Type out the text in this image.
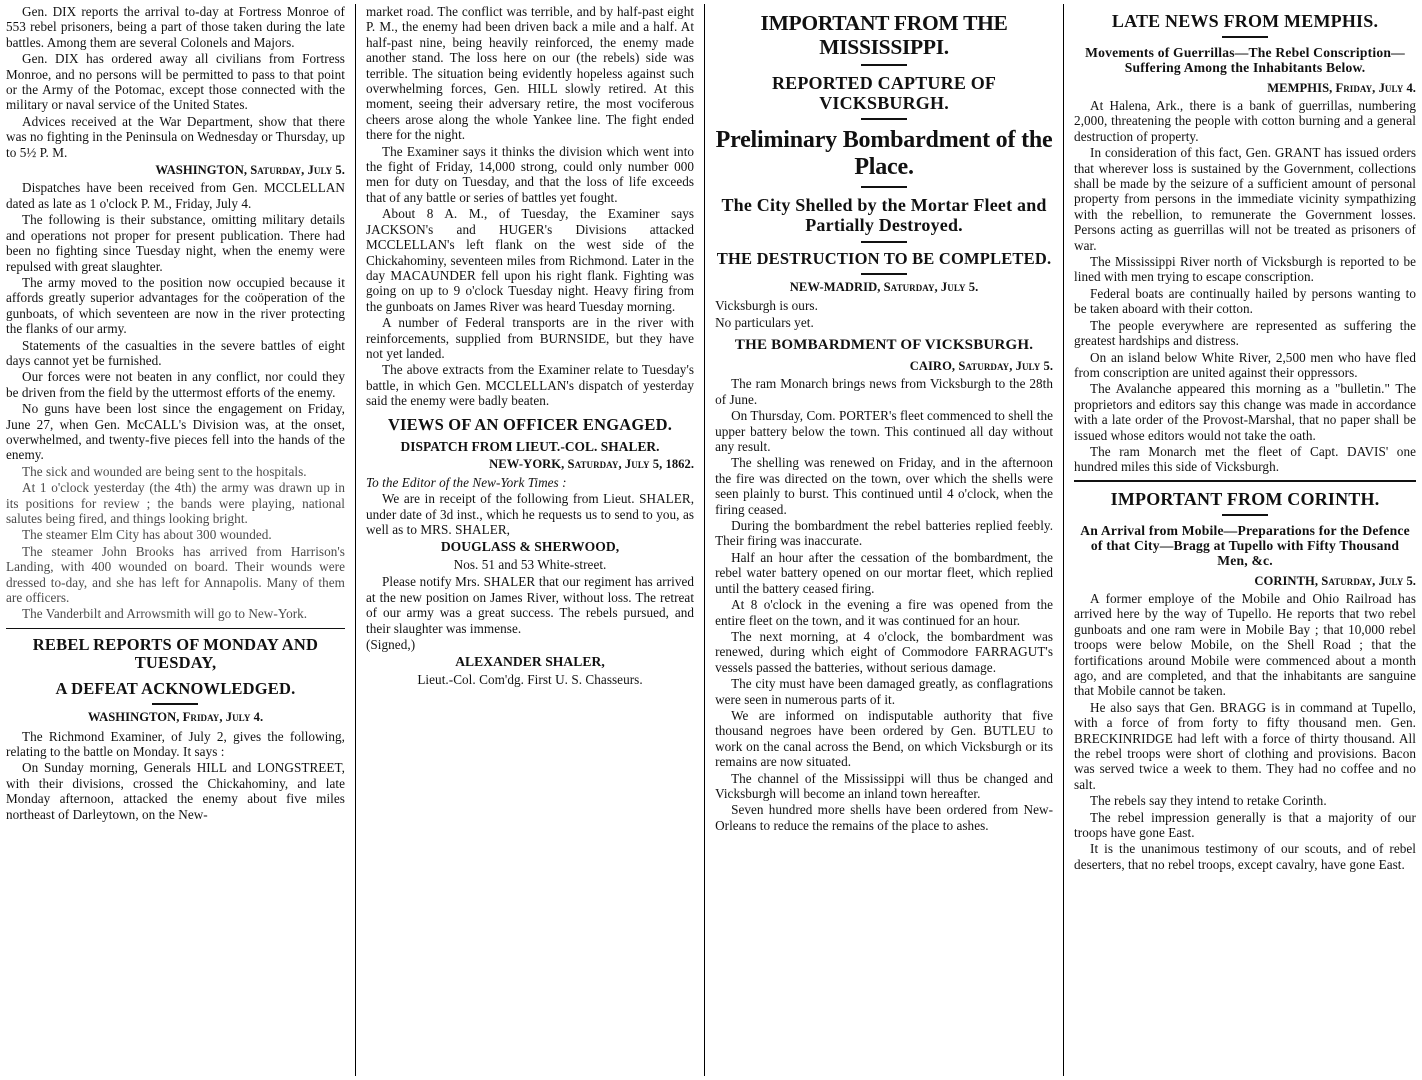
Gen. DIX reports the arrival to-day at Fortress Monroe of 553 rebel prisoners, being a part of those taken during the late battles. Among them are several Colonels and Majors.

Gen. DIX has ordered away all civilians from Fortress Monroe, and no persons will be permitted to pass to that point or the Army of the Potomac, except those connected with the military or naval service of the United States.

Advices received at the War Department, show that there was no fighting in the Peninsula on Wednesday or Thursday, up to 5½ P. M.

WASHINGTON, Saturday, July 5.

Dispatches have been received from Gen. MCCLELLAN dated as late as 1 o'clock P. M., Friday, July 4.

The following is their substance, omitting military details and operations not proper for present publication. There had been no fighting since Tuesday night, when the enemy were repulsed with great slaughter.

The army moved to the position now occupied because it affords greatly superior advantages for the coöperation of the gunboats, of which seventeen are now in the river protecting the flanks of our army.

Statements of the casualties in the severe battles of eight days cannot yet be furnished.

Our forces were not beaten in any conflict, nor could they be driven from the field by the uttermost efforts of the enemy.

No guns have been lost since the engagement on Friday, June 27, when Gen. McCALL's Division was, at the onset, overwhelmed, and twenty-five pieces fell into the hands of the enemy.

The sick and wounded are being sent to the hospitals.

At 1 o'clock yesterday (the 4th) the army was drawn up in its positions for review ; the bands were playing, national salutes being fired, and things looking bright.

The steamer Elm City has about 300 wounded.

The steamer John Brooks has arrived from Harrison's Landing, with 400 wounded on board. Their wounds were dressed to-day, and she has left for Annapolis. Many of them are officers.

The Vanderbilt and Arrowsmith will go to New-York.

REBEL REPORTS OF MONDAY AND TUESDAY,

A DEFEAT ACKNOWLEDGED.

WASHINGTON, Friday, July 4.

The Richmond Examiner, of July 2, gives the following, relating to the battle on Monday. It says :

On Sunday morning, Generals HILL and LONGSTREET, with their divisions, crossed the Chickahominy, and late Monday afternoon, attacked the enemy about five miles northeast of Darleytown, on the New-

market road. The conflict was terrible, and by half-past eight P. M., the enemy had been driven back a mile and a half. At half-past nine, being heavily reinforced, the enemy made another stand. The loss here on our (the rebels) side was terrible. The situation being evidently hopeless against such overwhelming forces, Gen. HILL slowly retired. At this moment, seeing their adversary retire, the most vociferous cheers arose along the whole Yankee line. The fight ended there for the night.

The Examiner says it thinks the division which went into the fight of Friday, 14,000 strong, could only number 000 men for duty on Tuesday, and that the loss of life exceeds that of any battle or series of battles yet fought.

About 8 A. M., of Tuesday, the Examiner says JACKSON's and HUGER's Divisions attacked MCCLELLAN's left flank on the west side of the Chickahominy, seventeen miles from Richmond. Later in the day MACAUNDER fell upon his right flank. Fighting was going on up to 9 o'clock Tuesday night. Heavy firing from the gunboats on James River was heard Tuesday morning.

A number of Federal transports are in the river with reinforcements, supplied from BURNSIDE, but they have not yet landed.

The above extracts from the Examiner relate to Tuesday's battle, in which Gen. MCCLELLAN's dispatch of yesterday said the enemy were badly beaten.

VIEWS OF AN OFFICER ENGAGED.

DISPATCH FROM LIEUT.-COL. SHALER.

NEW-YORK, Saturday, July 5, 1862.

To the Editor of the New-York Times :

We are in receipt of the following from Lieut. SHALER, under date of 3d inst., which he requests us to send to you, as well as to MRS. SHALER,

DOUGLASS & SHERWOOD,

Nos. 51 and 53 White-street.

Please notify Mrs. SHALER that our regiment has arrived at the new position on James River, without loss. The retreat of our army was a great success. The rebels pursued, and their slaughter was immense.

(Signed,)

ALEXANDER SHALER,

Lieut.-Col. Com'dg. First U. S. Chasseurs.

IMPORTANT FROM THE MISSISSIPPI.

REPORTED CAPTURE OF VICKSBURGH.

Preliminary Bombardment of the Place.

The City Shelled by the Mortar Fleet and Partially Destroyed.

THE DESTRUCTION TO BE COMPLETED.

NEW-MADRID, Saturday, July 5.

Vicksburgh is ours.

No particulars yet.

THE BOMBARDMENT OF VICKSBURGH.

CAIRO, Saturday, July 5.

The ram Monarch brings news from Vicksburgh to the 28th of June.

On Thursday, Com. PORTER's fleet commenced to shell the upper battery below the town. This continued all day without any result.

The shelling was renewed on Friday, and in the afternoon the fire was directed on the town, over which the shells were seen plainly to burst. This continued until 4 o'clock, when the firing ceased.

During the bombardment the rebel batteries replied feebly. Their firing was inaccurate.

Half an hour after the cessation of the bombardment, the rebel water battery opened on our mortar fleet, which replied until the battery ceased firing.

At 8 o'clock in the evening a fire was opened from the entire fleet on the town, and it was continued for an hour.

The next morning, at 4 o'clock, the bombardment was renewed, during which eight of Commodore FARRAGUT's vessels passed the batteries, without serious damage.

The city must have been damaged greatly, as conflagrations were seen in numerous parts of it.

We are informed on indisputable authority that five thousand negroes have been ordered by Gen. BUTLEU to work on the canal across the Bend, on which Vicksburgh or its remains are now situated.

The channel of the Mississippi will thus be changed and Vicksburgh will become an inland town hereafter.

Seven hundred more shells have been ordered from New-Orleans to reduce the remains of the place to ashes.

LATE NEWS FROM MEMPHIS.

Movements of Guerrillas—The Rebel Conscription—Suffering Among the Inhabitants Below.

MEMPHIS, Friday, July 4.

At Halena, Ark., there is a bank of guerrillas, numbering 2,000, threatening the people with cotton burning and a general destruction of property.

In consideration of this fact, Gen. GRANT has issued orders that wherever loss is sustained by the Government, collections shall be made by the seizure of a sufficient amount of personal property from persons in the immediate vicinity sympathizing with the rebellion, to remunerate the Government losses. Persons acting as guerrillas will not be treated as prisoners of war.

The Mississippi River north of Vicksburgh is reported to be lined with men trying to escape conscription.

Federal boats are continually hailed by persons wanting to be taken aboard with their cotton.

The people everywhere are represented as suffering the greatest hardships and distress.

On an island below White River, 2,500 men who have fled from conscription are united against their oppressors.

The Avalanche appeared this morning as a "bulletin." The proprietors and editors say this change was made in accordance with a late order of the Provost-Marshal, that no paper shall be issued whose editors would not take the oath.

The ram Monarch met the fleet of Capt. DAVIS' one hundred miles this side of Vicksburgh.

IMPORTANT FROM CORINTH.

An Arrival from Mobile—Preparations for the Defence of that City—Bragg at Tupello with Fifty Thousand Men, &c.

CORINTH, Saturday, July 5.

A former employe of the Mobile and Ohio Railroad has arrived here by the way of Tupello. He reports that two rebel gunboats and one ram were in Mobile Bay ; that 10,000 rebel troops were below Mobile, on the Shell Road ; that the fortifications around Mobile were commenced about a month ago, and are completed, and that the inhabitants are sanguine that Mobile cannot be taken.

He also says that Gen. BRAGG is in command at Tupello, with a force of from forty to fifty thousand men. Gen. BRECKINRIDGE had left with a force of thirty thousand. All the rebel troops were short of clothing and provisions. Bacon was served twice a week to them. They had no coffee and no salt.

The rebels say they intend to retake Corinth.

The rebel impression generally is that a majority of our troops have gone East.

It is the unanimous testimony of our scouts, and of rebel deserters, that no rebel troops, except cavalry, have gone East.
